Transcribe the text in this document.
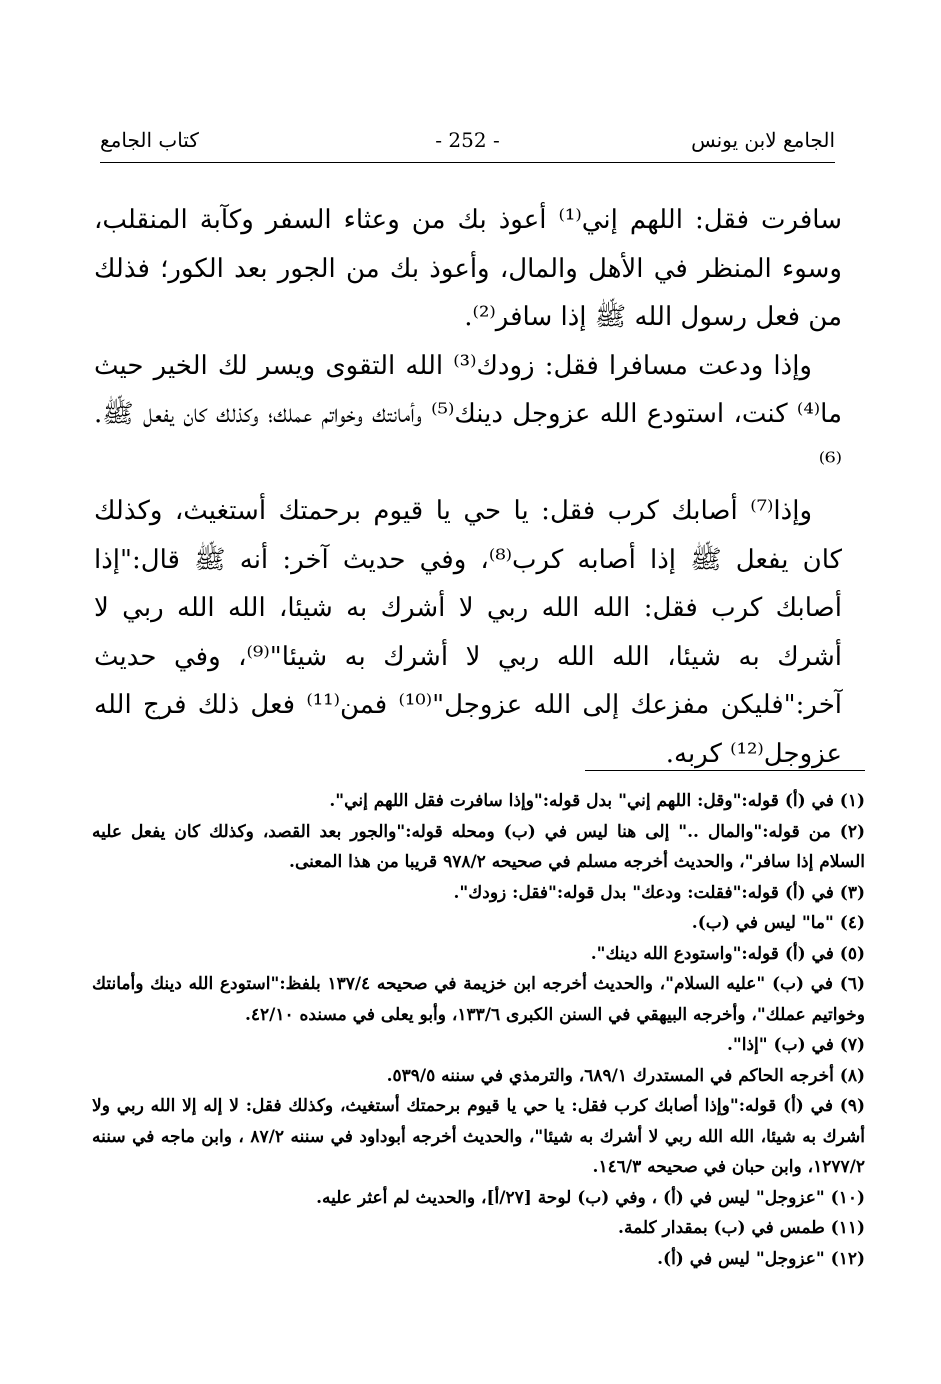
الجامع لابن يونس
- 252 -
كتاب الجامع

سافرت فقل: اللهم إني⁽¹⁾ أعوذ بك من وعثاء السفر وكآبة المنقلب، وسوء المنظر في الأهل والمال، وأعوذ بك من الجور بعد الكور؛ فذلك من فعل رسول الله ﷺ إذا سافر⁽²⁾.

وإذا ودعت مسافرا فقل: زودك⁽³⁾ الله التقوى ويسر لك الخير حيث ما⁽⁴⁾ كنت، استودع الله عزوجل دينك⁽⁵⁾ وأمانتك وخواتم عملك؛ وكذلك كان يفعل ﷺ.⁽⁶⁾

وإذا⁽⁷⁾ أصابك كرب فقل: يا حي يا قيوم برحمتك أستغيث، وكذلك كان يفعل ﷺ إذا أصابه كرب⁽⁸⁾، وفي حديث آخر: أنه ﷺ قال:"إذا أصابك كرب فقل: الله الله ربي لا أشرك به شيئا، الله الله ربي لا أشرك به شيئا، الله الله ربي لا أشرك به شيئا"⁽⁹⁾، وفي حديث آخر:"فليكن مفزعك إلى الله عزوجل"⁽¹⁰⁾ فمن⁽¹¹⁾ فعل ذلك فرج الله عزوجل⁽¹²⁾ كربه.

(١) في (أ) قوله:"وقل: اللهم إني" بدل قوله:"وإذا سافرت فقل اللهم إني".

(٢) من قوله:"والمال .." إلى هنا ليس في (ب) ومحله قوله:"والجور بعد القصد، وكذلك كان يفعل عليه السلام إذا سافر"، والحديث أخرجه مسلم في صحيحه ٩٧٨/٢ قريبا من هذا المعنى.

(٣) في (أ) قوله:"فقلت: ودعك" بدل قوله:"فقل: زودك".

(٤) "ما" ليس في (ب).

(٥) في (أ) قوله:"واستودع الله دينك".

(٦) في (ب) "عليه السلام"، والحديث أخرجه ابن خزيمة في صحيحه ١٣٧/٤ بلفظ:"استودع الله دينك وأمانتك وخواتيم عملك"، وأخرجه البيهقي في السنن الكبرى ١٣٣/٦، وأبو يعلى في مسنده ٤٢/١٠.

(٧) في (ب) "إذا".

(٨) أخرجه الحاكم في المستدرك ٦٨٩/١، والترمذي في سننه ٥٣٩/٥.

(٩) في (أ) قوله:"وإذا أصابك كرب فقل: يا حي يا قيوم برحمتك أستغيث، وكذلك فقل: لا إله إلا الله ربي ولا أشرك به شيئا، الله الله ربي لا أشرك به شيئا"، والحديث أخرجه أبوداود في سننه ٨٧/٢ ، وابن ماجه في سننه ١٢٧٧/٢، وابن حبان في صحيحه ١٤٦/٣.

(١٠) "عزوجل" ليس في (أ) ، وفي (ب) لوحة [٢٧/أ]، والحديث لم أعثر عليه.

(١١) طمس في (ب) بمقدار كلمة.

(١٢) "عزوجل" ليس في (أ).
